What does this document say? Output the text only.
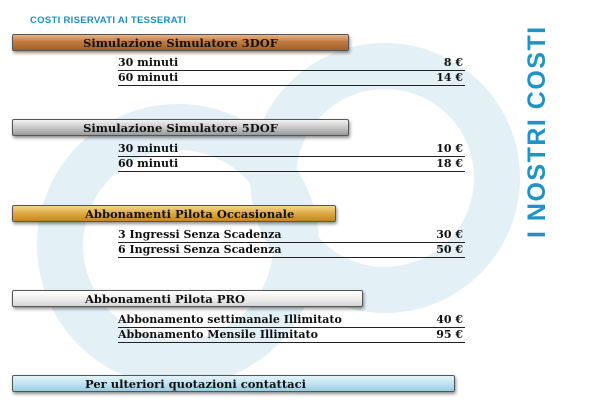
COSTI RISERVATI AI TESSERATI
I NOSTRI COSTI
Simulazione Simulatore 3DOF
30 minuti	8 €
60 minuti	14 €
Simulazione Simulatore 5DOF
30 minuti	10 €
60 minuti	18 €
Abbonamenti Pilota Occasionale
3 Ingressi Senza Scadenza	30 €
6 Ingressi Senza Scadenza	50 €
Abbonamenti Pilota PRO
Abbonamento settimanale Illimitato	40 €
Abbonamento Mensile Illimitato	95 €
Per ulteriori quotazioni contattaci
